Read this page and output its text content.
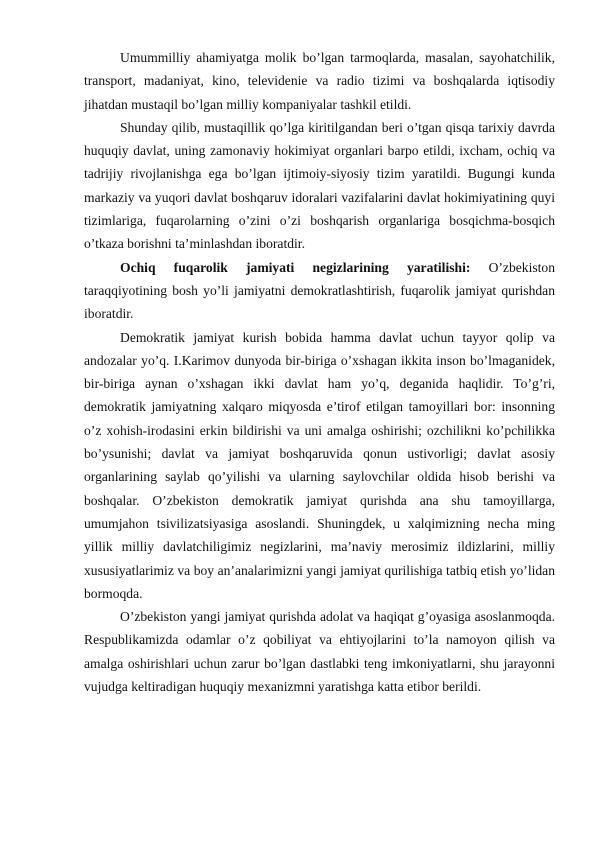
Umummilliy ahamiyatga molik bo’lgan tarmoqlarda, masalan, sayohatchilik, transport, madaniyat, kino, televidenie va radio tizimi va boshqalarda iqtisodiy jihatdan mustaqil bo’lgan milliy kompaniyalar tashkil etildi.

Shunday qilib, mustaqillik qo’lga kiritilgandan beri o’tgan qisqa tarixiy davrda huquqiy davlat, uning zamonaviy hokimiyat organlari barpo etildi, ixcham, ochiq va tadrijiy rivojlanishga ega bo’lgan ijtimoiy-siyosiy tizim yaratildi. Bugungi kunda markaziy va yuqori davlat boshqaruv idoralari vazifalarini davlat hokimiyatining quyi tizimlariga, fuqarolarning o’zini o’zi boshqarish organlariga bosqichma-bosqich o’tkaza borishni ta’minlashdan iboratdir.

Ochiq fuqarolik jamiyati negizlarining yaratilishi: O’zbekiston taraqqiyotining bosh yo’li jamiyatni demokratlashtirish, fuqarolik jamiyat qurishdan iboratdir.

Demokratik jamiyat kurish bobida hamma davlat uchun tayyor qolip va andozalar yo’q. I.Karimov dunyoda bir-biriga o’xshagan ikkita inson bo’lmaganidek, bir-biriga aynan o’xshagan ikki davlat ham yo’q, deganida haqlidir. To’g’ri, demokratik jamiyatning xalqaro miqyosda e’tirof etilgan tamoyillari bor: insonning o’z xohish-irodasini erkin bildirishi va uni amalga oshirishi; ozchilikni ko’pchilikka bo’ysunishi; davlat va jamiyat boshqaruvida qonun ustivorligi; davlat asosiy organlarining saylab qo’yilishi va ularning saylovchilar oldida hisob berishi va boshqalar. O’zbekiston demokratik jamiyat qurishda ana shu tamoyillarga, umumjahon tsivilizatsiyasiga asoslandi. Shuningdek, u xalqimizning necha ming yillik milliy davlatchiligimiz negizlarini, ma’naviy merosimiz ildizlarini, milliy xususiyatlarimiz va boy an’analarimizni yangi jamiyat qurilishiga tatbiq etish yo’lidan bormoqda.

O’zbekiston yangi jamiyat qurishda adolat va haqiqat g’oyasiga asoslanmoqda. Respublikamizda odamlar o’z qobiliyat va ehtiyojlarini to’la namoyon qilish va amalga oshirishlari uchun zarur bo’lgan dastlabki teng imkoniyatlarni, shu jarayonni vujudga keltiradigan huquqiy mexanizmni yaratishga katta etibor berildi.
